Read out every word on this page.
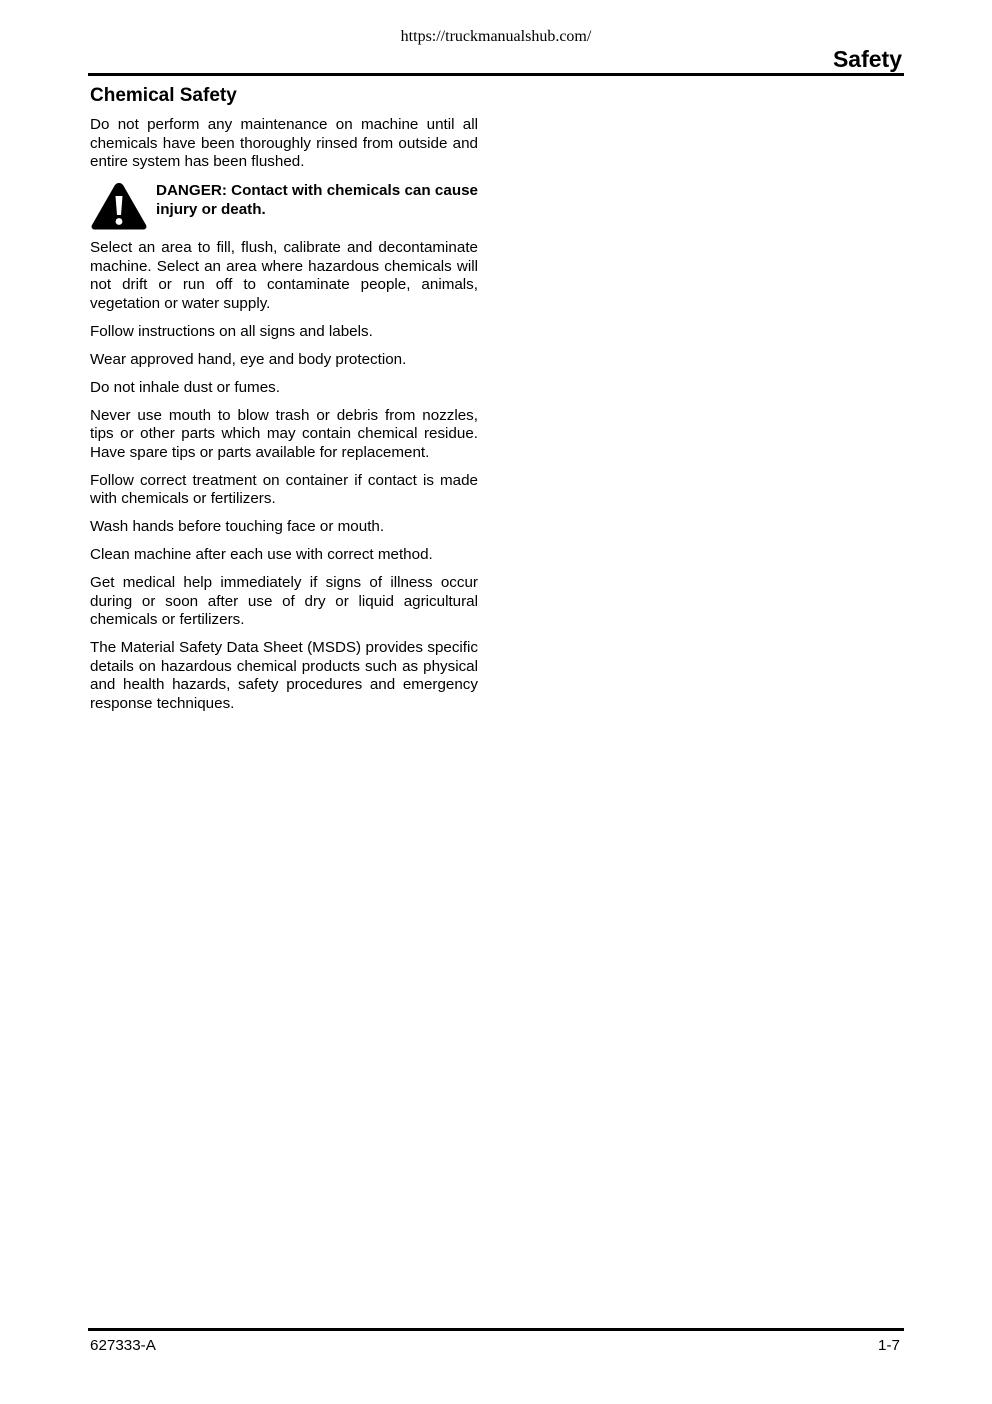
https://truckmanualshub.com/
Safety
Chemical Safety

Do not perform any maintenance on machine until all chemicals have been thoroughly rinsed from outside and entire system has been flushed.

DANGER: Contact with chemicals can cause injury or death.

Select an area to fill, flush, calibrate and decontaminate machine. Select an area where hazardous chemicals will not drift or run off to contaminate people, animals, vegetation or water supply.

Follow instructions on all signs and labels.

Wear approved hand, eye and body protection.

Do not inhale dust or fumes.

Never use mouth to blow trash or debris from nozzles, tips or other parts which may contain chemical residue. Have spare tips or parts available for replacement.

Follow correct treatment on container if contact is made with chemicals or fertilizers.

Wash hands before touching face or mouth.

Clean machine after each use with correct method.

Get medical help immediately if signs of illness occur during or soon after use of dry or liquid agricultural chemicals or fertilizers.

The Material Safety Data Sheet (MSDS) provides specific details on hazardous chemical products such as physical and health hazards, safety procedures and emergency response techniques.

627333-A	1-7
